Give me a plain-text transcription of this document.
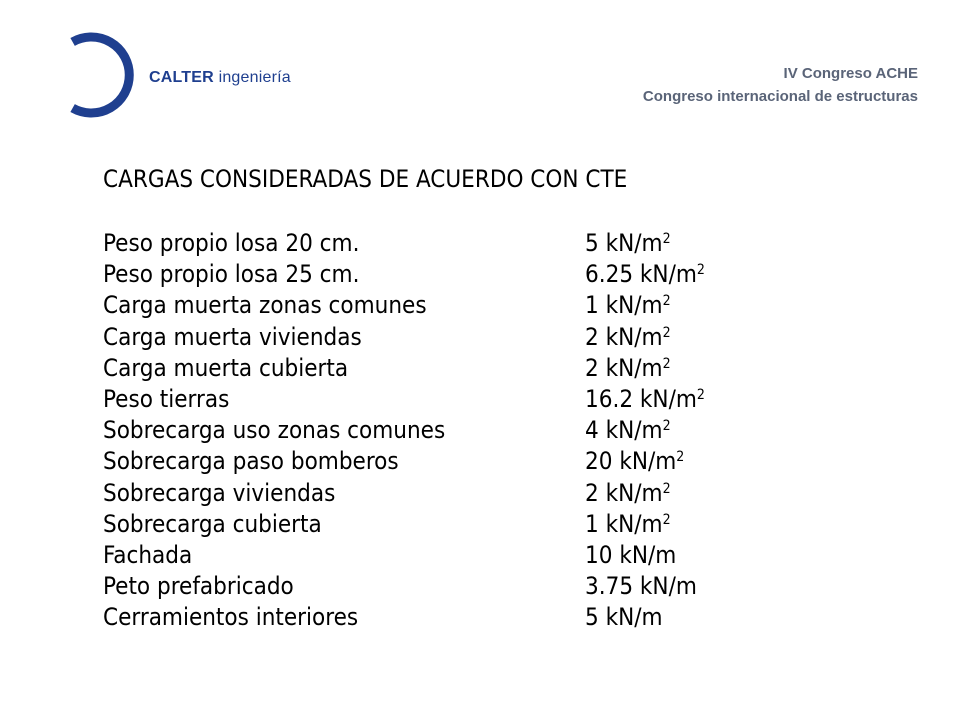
CALTER ingeniería	IV Congreso ACHE
Congreso internacional de estructuras
CARGAS CONSIDERADAS DE ACUERDO CON CTE
Peso propio losa 20 cm.	5 $kN/m^2$
Peso propio losa 25 cm.	6.25 $kN/m^2$
Carga muerta zonas comunes	1 $kN/m^2$
Carga muerta viviendas	2 $kN/m^2$
Carga muerta cubierta	2 $kN/m^2$
Peso tierras	16.2 $kN/m^2$
Sobrecarga uso zonas comunes	4 $kN/m^2$
Sobrecarga paso bomberos	20 $kN/m^2$
Sobrecarga viviendas	2 $kN/m^2$
Sobrecarga cubierta	1 $kN/m^2$
Fachada	10 kN/m
Peto prefabricado	3.75 kN/m
Cerramientos interiores	5 kN/m
